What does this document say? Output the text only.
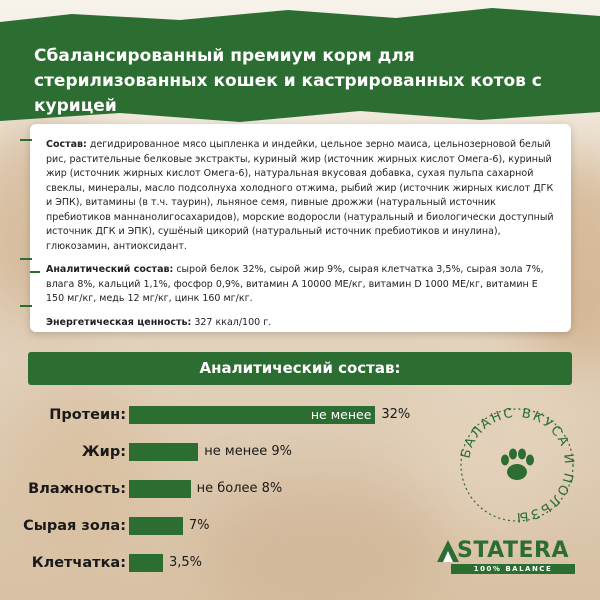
Сбалансированный премиум корм для стерилизованных кошек и кастрированных котов с курицей

Состав: дегидрированное мясо цыпленка и индейки, цельное зерно маиса, цельнозерновой белый рис, растительные белковые экстракты, куриный жир (источник жирных кислот Омега-6), куриный жир (источник жирных кислот Омега-6), натуральная вкусовая добавка, сухая пульпа сахарной свеклы, минералы, масло подсолнуха холодного отжима, рыбий жир (источник жирных кислот ДГК и ЭПК), витамины (в т.ч. таурин), льняное семя, пивные дрожжи (натуральный источник пребиотиков маннанолигосахаридов), морские водоросли (натуральный и биологически доступный источник ДГК и ЭПК), сушёный цикорий (натуральный источник пребиотиков и инулина), глюкозамин, антиоксидант.

Аналитический состав: сырой белок 32%, сырой жир 9%, сырая клетчатка 3,5%, сырая зола 7%, влага 8%, кальций 1,1%, фосфор 0,9%, витамин А 10000 МЕ/кг, витамин D 1000 МЕ/кг, витамин Е 150 мг/кг, медь 12 мг/кг, цинк 160 мг/кг.

Энергетическая ценность: 327 ккал/100 г.

Аналитический состав:
Протеин:	не менее 32%
Жир:	не менее 9%
Влажность:	не более 8%
Сырая зола:	7%
Клетчатка:	3,5%
БАЛАНС ВКУСА И ПОЛЬЗЫ
STATERA
100% BALANCE
